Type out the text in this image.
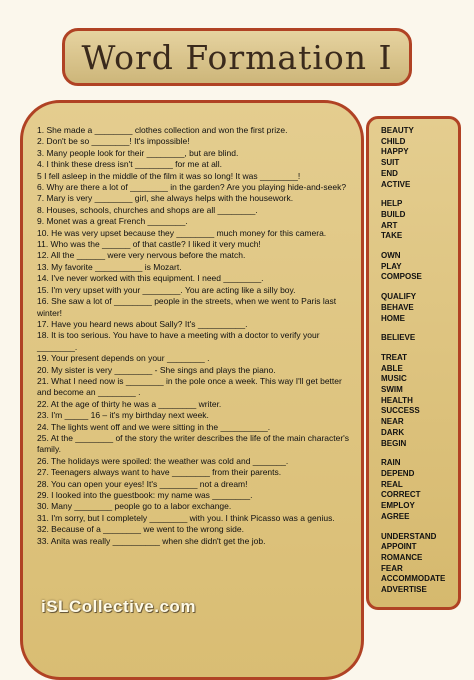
Word Formation I
1. She made a ________ clothes collection and won the first prize.
2. Don't be so ________! It's impossible!
3. Many people look for their ________, but are blind.
4. I think these dress isn't ________ for me at all.
5 I fell asleep in the middle of the film it was so long! It was ________!
6. Why are there a lot of ________ in the garden? Are you playing hide-and-seek?
7. Mary is very ________ girl, she always helps with the housework.
8. Houses, schools, churches and shops are all ________.
9. Monet was a great French ________.
10. He was very upset because they ________ much money for this camera.
11. Who was the ______ of that castle? I liked it very much!
12. All the ______ were very nervous before the match.
13. My favorite __________ is Mozart.
14. I've never worked with this equipment. I need ________.
15. I'm very upset with your ________. You are acting like a silly boy.
16. She saw a lot of ________ people in the streets, when we went to Paris last winter!
17. Have you heard news about Sally? It's __________.
18. It is too serious. You have to have a meeting with a doctor to verify your ________.
19. Your present depends on your ________ .
20. My sister is very ________ - She sings and plays the piano.
21. What I need now is ________ in the pole once a week. This way I'll get better and become an ________ .
22. At the age of thirty he was a ________ writer.
23. I'm _____ 16 – it's my birthday next week.
24. The lights went off and we were sitting in the __________.
25. At the ________ of the story the writer describes the life of the main character's family.
26. The holidays were spoiled: the weather was cold and _______.
27. Teenagers always want to have ________ from their parents.
28. You can open your eyes! It's ________ not a dream!
29. I looked into the guestbook: my name was ________.
30. Many ________ people go to a labor exchange.
31. I'm sorry, but I completely ________ with you. I think Picasso was a genius.
32. Because of a ________ we went to the wrong side.
33. Anita was really __________ when she didn't get the job.
iSLCollective.com
BEAUTY
CHILD
HAPPY
SUIT
END
ACTIVE
HELP
BUILD
ART
TAKE
OWN
PLAY
COMPOSE
QUALIFY
BEHAVE
HOME
BELIEVE
TREAT
ABLE
MUSIC
SWIM
HEALTH
SUCCESS
NEAR
DARK
BEGIN
RAIN
DEPEND
REAL
CORRECT
EMPLOY
AGREE
UNDERSTAND
APPOINT
ROMANCE
FEAR
ACCOMMODATE
ADVERTISE
